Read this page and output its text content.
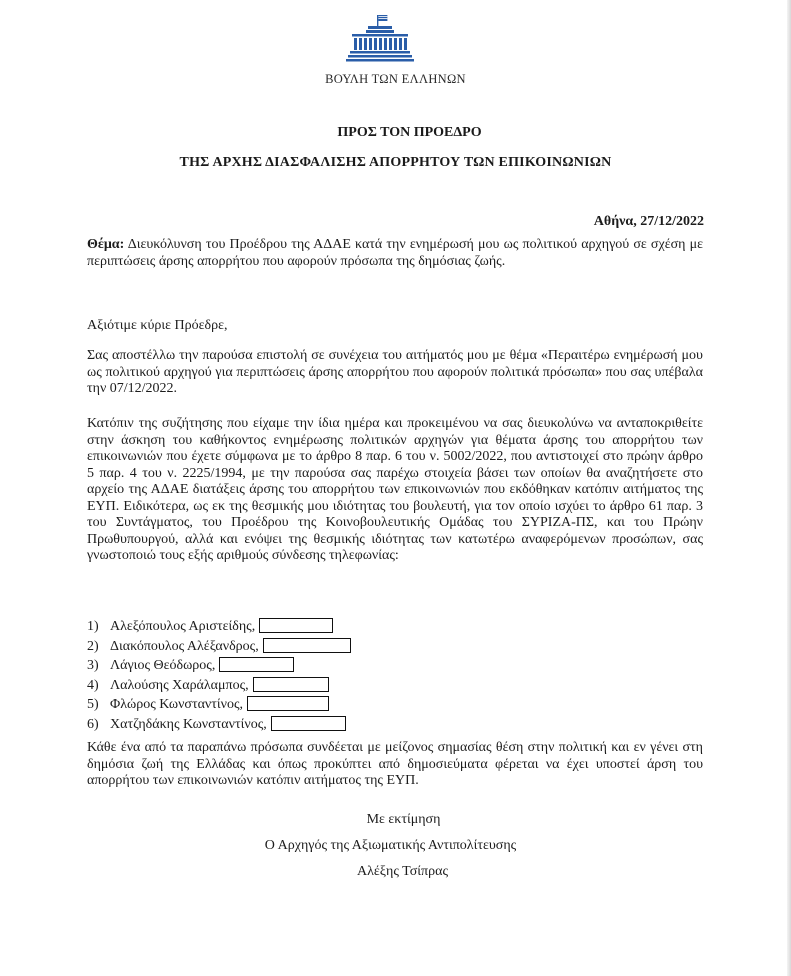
ΒΟΥΛΗ ΤΩΝ ΕΛΛΗΝΩΝ
ΠΡΟΣ ΤΟΝ ΠΡΟΕΔΡΟ
ΤΗΣ ΑΡΧΗΣ ΔΙΑΣΦΑΛΙΣΗΣ ΑΠΟΡΡΗΤΟΥ ΤΩΝ ΕΠΙΚΟΙΝΩΝΙΩΝ
Αθήνα, 27/12/2022
Θέμα: Διευκόλυνση του Προέδρου της ΑΔΑΕ κατά την ενημέρωσή μου ως πολιτικού αρχηγού σε σχέση με περιπτώσεις άρσης απορρήτου που αφορούν πρόσωπα της δημόσιας ζωής.
Αξιότιμε κύριε Πρόεδρε,
Σας αποστέλλω την παρούσα επιστολή σε συνέχεια του αιτήματός μου με θέμα «Περαιτέρω ενημέρωσή μου ως πολιτικού αρχηγού για περιπτώσεις άρσης απορρήτου που αφορούν πολιτικά πρόσωπα» που σας υπέβαλα την 07/12/2022.
Κατόπιν της συζήτησης που είχαμε την ίδια ημέρα και προκειμένου να σας διευκολύνω να ανταποκριθείτε στην άσκηση του καθήκοντος ενημέρωσης πολιτικών αρχηγών για θέματα άρσης του απορρήτου των επικοινωνιών που έχετε σύμφωνα με το άρθρο 8 παρ. 6 του ν. 5002/2022, που αντιστοιχεί στο πρώην άρθρο 5 παρ. 4 του ν. 2225/1994, με την παρούσα σας παρέχω στοιχεία βάσει των οποίων θα αναζητήσετε στο αρχείο της ΑΔΑΕ διατάξεις άρσης του απορρήτου των επικοινωνιών που εκδόθηκαν κατόπιν αιτήματος της ΕΥΠ. Ειδικότερα, ως εκ της θεσμικής μου ιδιότητας του βουλευτή, για τον οποίο ισχύει το άρθρο 61 παρ. 3 του Συντάγματος, του Προέδρου της Κοινοβουλευτικής Ομάδας του ΣΥΡΙΖΑ-ΠΣ, και του Πρώην Πρωθυπουργού, αλλά και ενόψει της θεσμικής ιδιότητας των κατωτέρω αναφερόμενων προσώπων, σας γνωστοποιώ τους εξής αριθμούς σύνδεσης τηλεφωνίας:
1) Αλεξόπουλος Αριστείδης,
2) Διακόπουλος Αλέξανδρος,
3) Λάγιος Θεόδωρος,
4) Λαλούσης Χαράλαμπος,
5) Φλώρος Κωνσταντίνος,
6) Χατζηδάκης Κωνσταντίνος,
Κάθε ένα από τα παραπάνω πρόσωπα συνδέεται με μείζονος σημασίας θέση στην πολιτική και εν γένει στη δημόσια ζωή της Ελλάδας και όπως προκύπτει από δημοσιεύματα φέρεται να έχει υποστεί άρση του απορρήτου των επικοινωνιών κατόπιν αιτήματος της ΕΥΠ.
Με εκτίμηση
Ο Αρχηγός της Αξιωματικής Αντιπολίτευσης
Αλέξης Τσίπρας
